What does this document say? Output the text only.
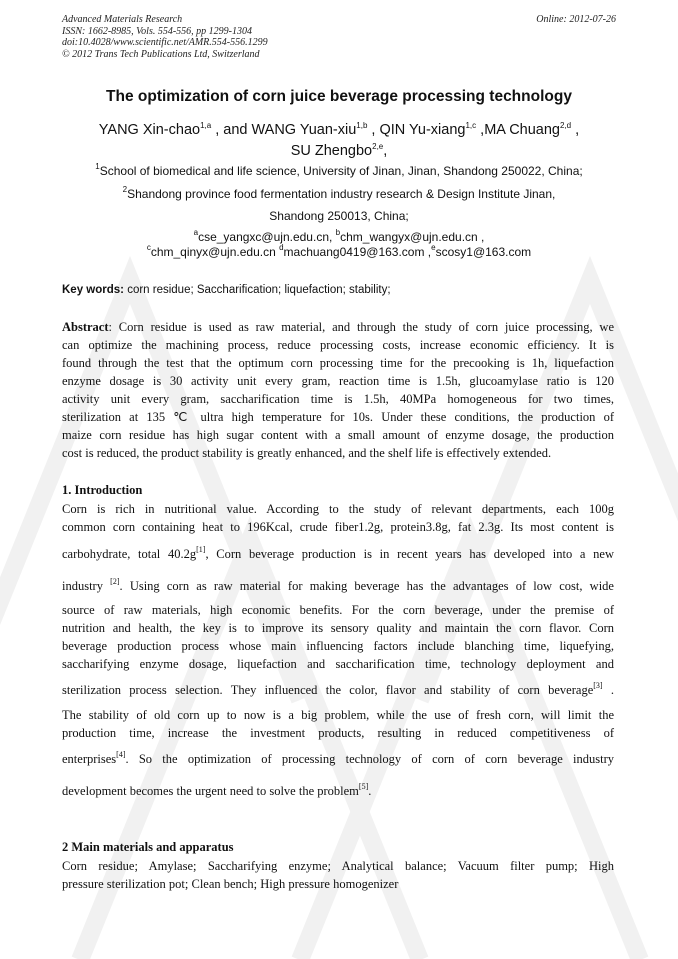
Advanced Materials Research
ISSN: 1662-8985, Vols. 554-556, pp 1299-1304
doi:10.4028/www.scientific.net/AMR.554-556.1299
© 2012 Trans Tech Publications Ltd, Switzerland
Online: 2012-07-26
The optimization of corn juice beverage processing technology
YANG Xin-chao$^{1,a}$ , and WANG Yuan-xiu$^{1,b}$ , QIN Yu-xiang$^{1,c}$ ,MA Chuang$^{2,d}$ ,
SU Zhengbo$^{2,e}$,
$^1$School of biomedical and life science, University of Jinan, Jinan, Shandong 250022, China;
$^2$Shandong province food fermentation industry research & Design Institute Jinan,
Shandong 250013, China;
$^a$cse_yangxc@ujn.edu.cn, $^b$chm_wangyx@ujn.edu.cn ,
$^c$chm_qinyx@ujn.edu.cn $^d$machuang0419@163.com ,$^e$scosy1@163.com
Key words: corn residue; Saccharification; liquefaction; stability;
Abstract: Corn residue is used as raw material, and through the study of corn juice processing, we
can optimize the machining process, reduce processing costs, increase economic efficiency. It is
found through the test that the optimum corn processing time for the precooking is 1h, liquefaction
enzyme dosage is 30 activity unit every gram, reaction time is 1.5h, glucoamylase ratio is 120
activity unit every gram, saccharification time is 1.5h, 40MPa homogeneous for two times,
sterilization at 135 ℃ ultra high temperature for 10s. Under these conditions, the production of
maize corn residue has high sugar content with a small amount of enzyme dosage, the production
cost is reduced, the product stability is greatly enhanced, and the shelf life is effectively extended.
1. Introduction
Corn is rich in nutritional value. According to the study of relevant departments, each 100g
common corn containing heat to 196Kcal, crude fiber1.2g, protein3.8g, fat 2.3g. Its most content is
carbohydrate, total 40.2g[1], Corn beverage production is in recent years has developed into a new
industry [2]. Using corn as raw material for making beverage has the advantages of low cost, wide
source of raw materials, high economic benefits. For the corn beverage, under the premise of
nutrition and health, the key is to improve its sensory quality and maintain the corn flavor. Corn
beverage production process whose main influencing factors include blanching time, liquefying,
saccharifying enzyme dosage, liquefaction and saccharification time, technology deployment and
sterilization process selection. They influenced the color, flavor and stability of corn beverage[3] .
The stability of old corn up to now is a big problem, while the use of fresh corn, will limit the
production time, increase the investment products, resulting in reduced competitiveness of
enterprises[4]. So the optimization of processing technology of corn of corn beverage industry
development becomes the urgent need to solve the problem[5].
2 Main materials and apparatus
Corn residue; Amylase; Saccharifying enzyme; Analytical balance; Vacuum filter pump; High
pressure sterilization pot; Clean bench; High pressure homogenizer
